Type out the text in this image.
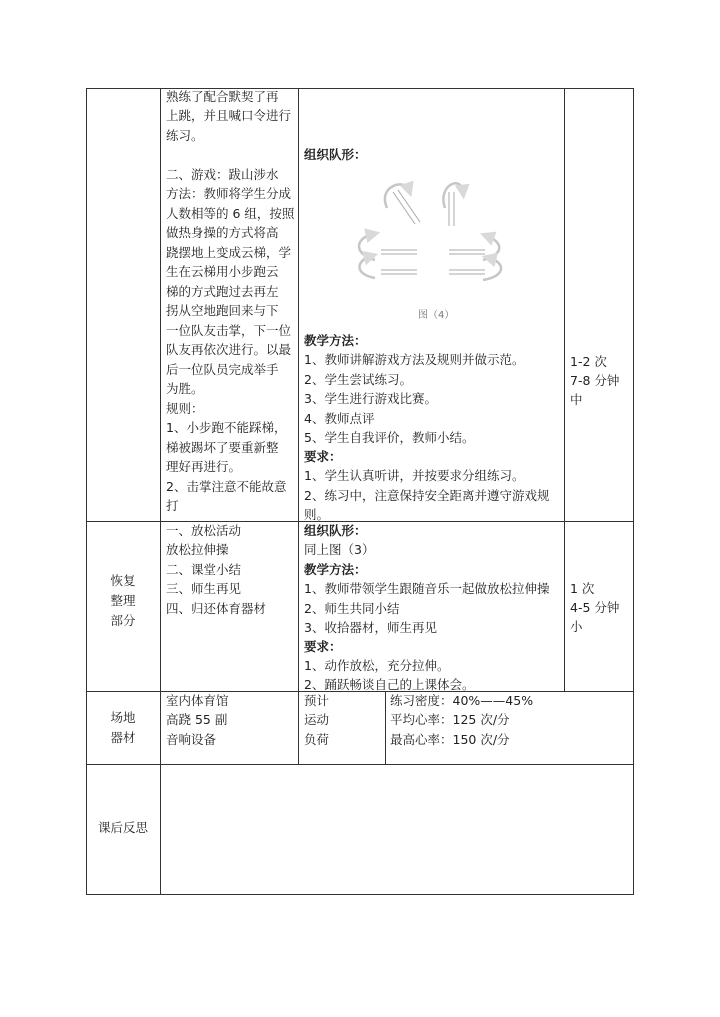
熟练了配合默契了再
上跳，并且喊口令进行
练习。
二、游戏：跋山涉水
方法：教师将学生分成
人数相等的 6 组，按照
做热身操的方式将高
跷摆地上变成云梯，学
生在云梯用小步跑云
梯的方式跑过去再左
拐从空地跑回来与下
一位队友击掌，下一位
队友再依次进行。以最
后一位队员完成举手
为胜。
规则：
1、小步跑不能踩梯，
梯被踢坏了要重新整
理好再进行。
2、击掌注意不能故意
打
组织队形：
图（4）
教学方法：
1、教师讲解游戏方法及规则并做示范。
2、学生尝试练习。
3、学生进行游戏比赛。
4、教师点评
5、学生自我评价，教师小结。
要求：
1、学生认真听讲，并按要求分组练习。
2、练习中，注意保持安全距离并遵守游戏规
则。
1-2 次
7-8 分钟
中
恢复
整理
部分
一、放松活动
放松拉伸操
二、课堂小结
三、师生再见
四、归还体育器材
组织队形：
同上图（3）
教学方法：
1、教师带领学生跟随音乐一起做放松拉伸操
2、师生共同小结
3、收拾器材，师生再见
要求：
1、动作放松，充分拉伸。
2、踊跃畅谈自己的上课体会。
1 次
4-5 分钟
小
场地
器材
室内体育馆
高跷 55 副
音响设备
预计
运动
负荷
练习密度：40%——45%
平均心率：125 次/分
最高心率：150 次/分
课后反思
